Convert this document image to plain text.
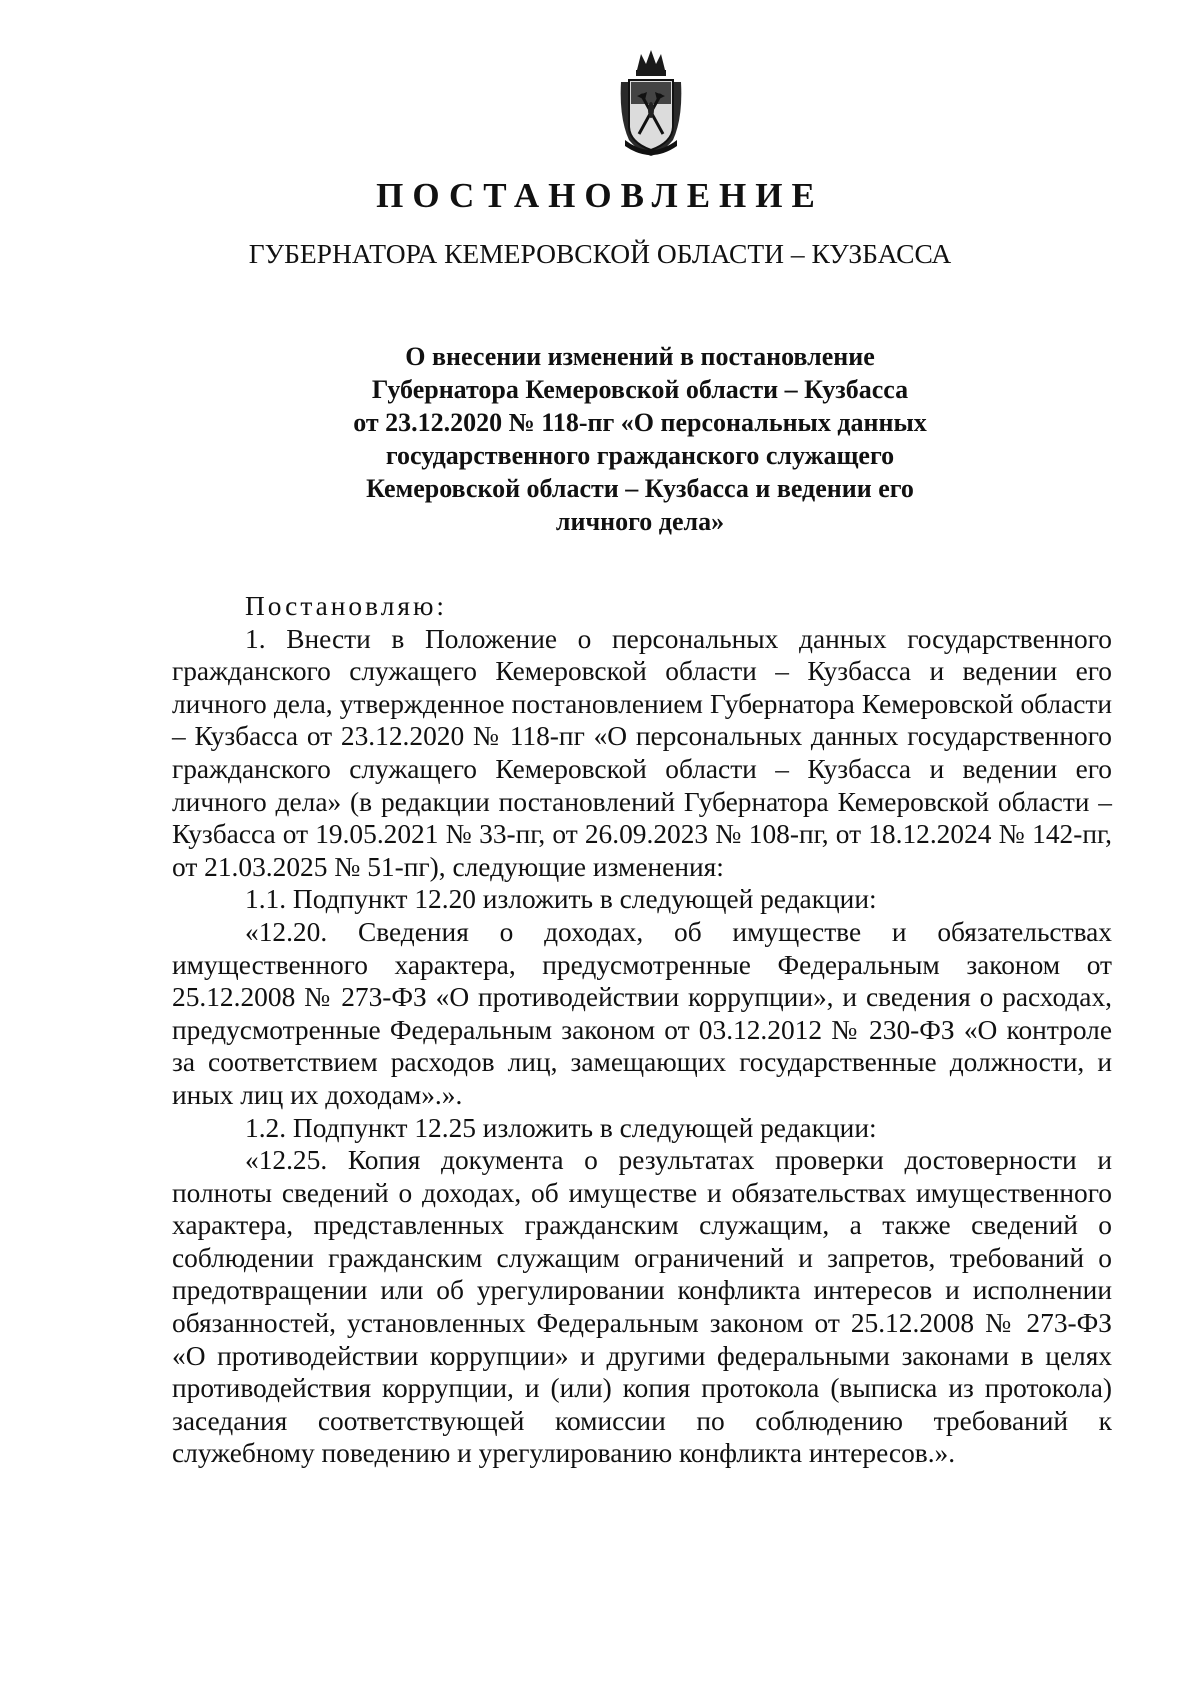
ПОСТАНОВЛЕНИЕ
ГУБЕРНАТОРА КЕМЕРОВСКОЙ ОБЛАСТИ – КУЗБАССА
О внесении изменений в постановление
Губернатора Кемеровской области – Кузбасса
от 23.12.2020 № 118-пг «О персональных данных
государственного гражданского служащего
Кемеровской области – Кузбасса и ведении его
личного дела»

Постановляю:

1. Внести в Положение о персональных данных государственного гражданского служащего Кемеровской области – Кузбасса и ведении его личного дела, утвержденное постановлением Губернатора Кемеровской области – Кузбасса от 23.12.2020 № 118-пг «О персональных данных государственного гражданского служащего Кемеровской области – Кузбасса и ведении его личного дела» (в редакции постановлений Губернатора Кемеровской области – Кузбасса от 19.05.2021 № 33-пг, от 26.09.2023 № 108-пг, от 18.12.2024 № 142-пг, от 21.03.2025 № 51-пг), следующие изменения:

1.1. Подпункт 12.20 изложить в следующей редакции:

«12.20. Сведения о доходах, об имуществе и обязательствах имущественного характера, предусмотренные Федеральным законом от 25.12.2008 № 273-ФЗ «О противодействии коррупции», и сведения о расходах, предусмотренные Федеральным законом от 03.12.2012 № 230-ФЗ «О контроле за соответствием расходов лиц, замещающих государственные должности, и иных лиц их доходам».».

1.2. Подпункт 12.25 изложить в следующей редакции:

«12.25. Копия документа о результатах проверки достоверности и полноты сведений о доходах, об имуществе и обязательствах имущественного характера, представленных гражданским служащим, а также сведений о соблюдении гражданским служащим ограничений и запретов, требований о предотвращении или об урегулировании конфликта интересов и исполнении обязанностей, установленных Федеральным законом от 25.12.2008 № 273-ФЗ «О противодействии коррупции» и другими федеральными законами в целях противодействия коррупции, и (или) копия протокола (выписка из протокола) заседания соответствующей комиссии по соблюдению требований к служебному поведению и урегулированию конфликта интересов.».
